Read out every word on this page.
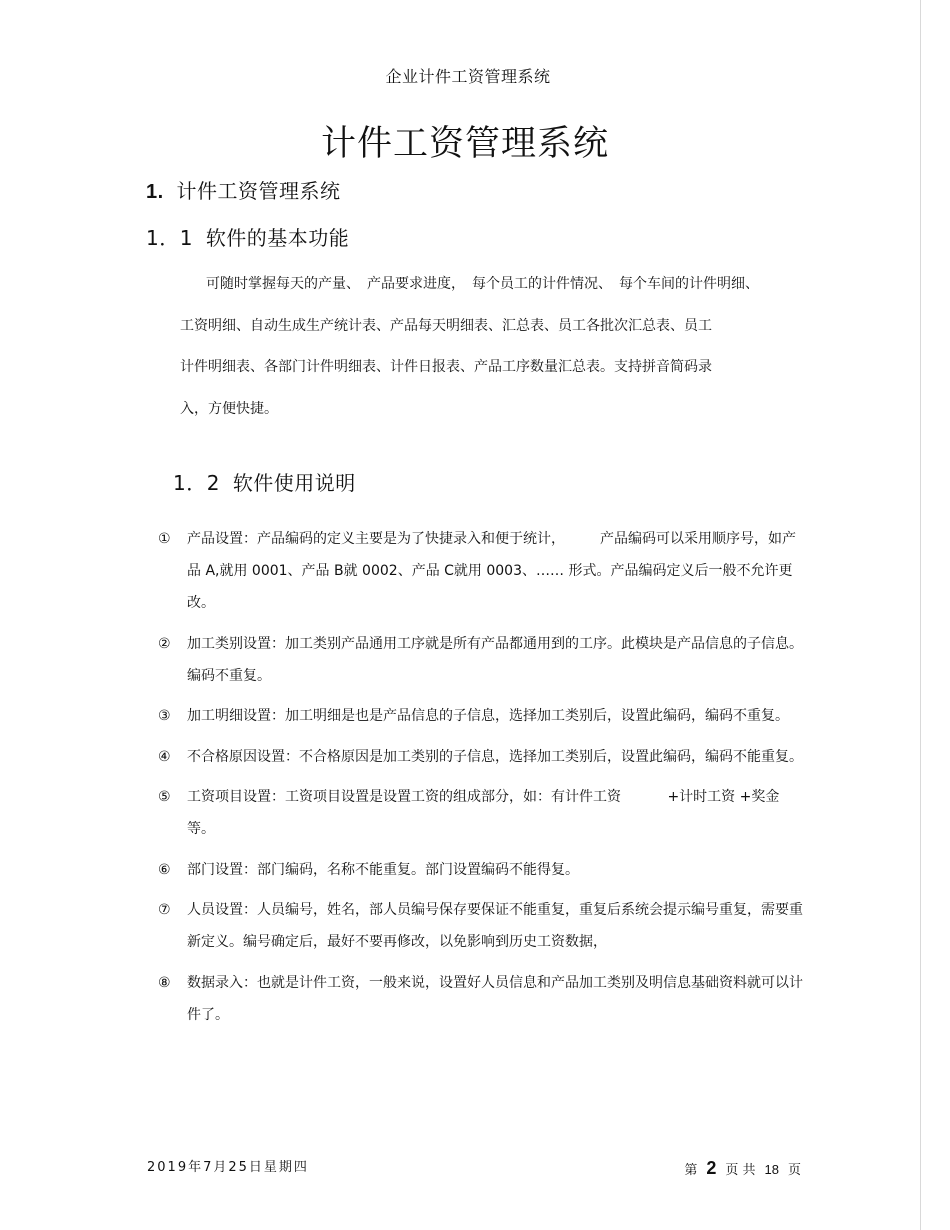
企业计件工资管理系统
计件工资管理系统
1. 计件工资管理系统
1．1 软件的基本功能
可随时掌握每天的产量、　产品要求进度，　每个员工的计件情况、　每个车间的计件明细、
工资明细、自动生成生产统计表、产品每天明细表、汇总表、员工各批次汇总表、员工
计件明细表、各部门计件明细表、计件日报表、产品工序数量汇总表。支持拼音简码录
入，方便快捷。
1．2 软件使用说明
① 产品设置：产品编码的定义主要是为了快捷录入和便于统计，　　　产品编码可以采用顺序号，如产品 A,就用 0001、产品 B就 0002、产品 C就用 0003、…… 形式。产品编码定义后一般不允许更改。
② 加工类别设置：加工类别产品通用工序就是所有产品都通用到的工序。此模块是产品信息的子信息。编码不重复。
③ 加工明细设置：加工明细是也是产品信息的子信息，选择加工类别后，设置此编码，编码不重复。
④ 不合格原因设置：不合格原因是加工类别的子信息，选择加工类别后，设置此编码，编码不能重复。
⑤ 工资项目设置：工资项目设置是设置工资的组成部分，如：有计件工资　　　 +计时工资 +奖金等。
⑥ 部门设置：部门编码，名称不能重复。部门设置编码不能得复。
⑦ 人员设置：人员编号，姓名，部人员编号保存要保证不能重复，重复后系统会提示编号重复，需要重新定义。编号确定后，最好不要再修改，以免影响到历史工资数据，
⑧ 数据录入：也就是计件工资，一般来说，设置好人员信息和产品加工类别及明信息基础资料就可以计件了。
2019年7月25日星期四	第 2 页 共 18 页
